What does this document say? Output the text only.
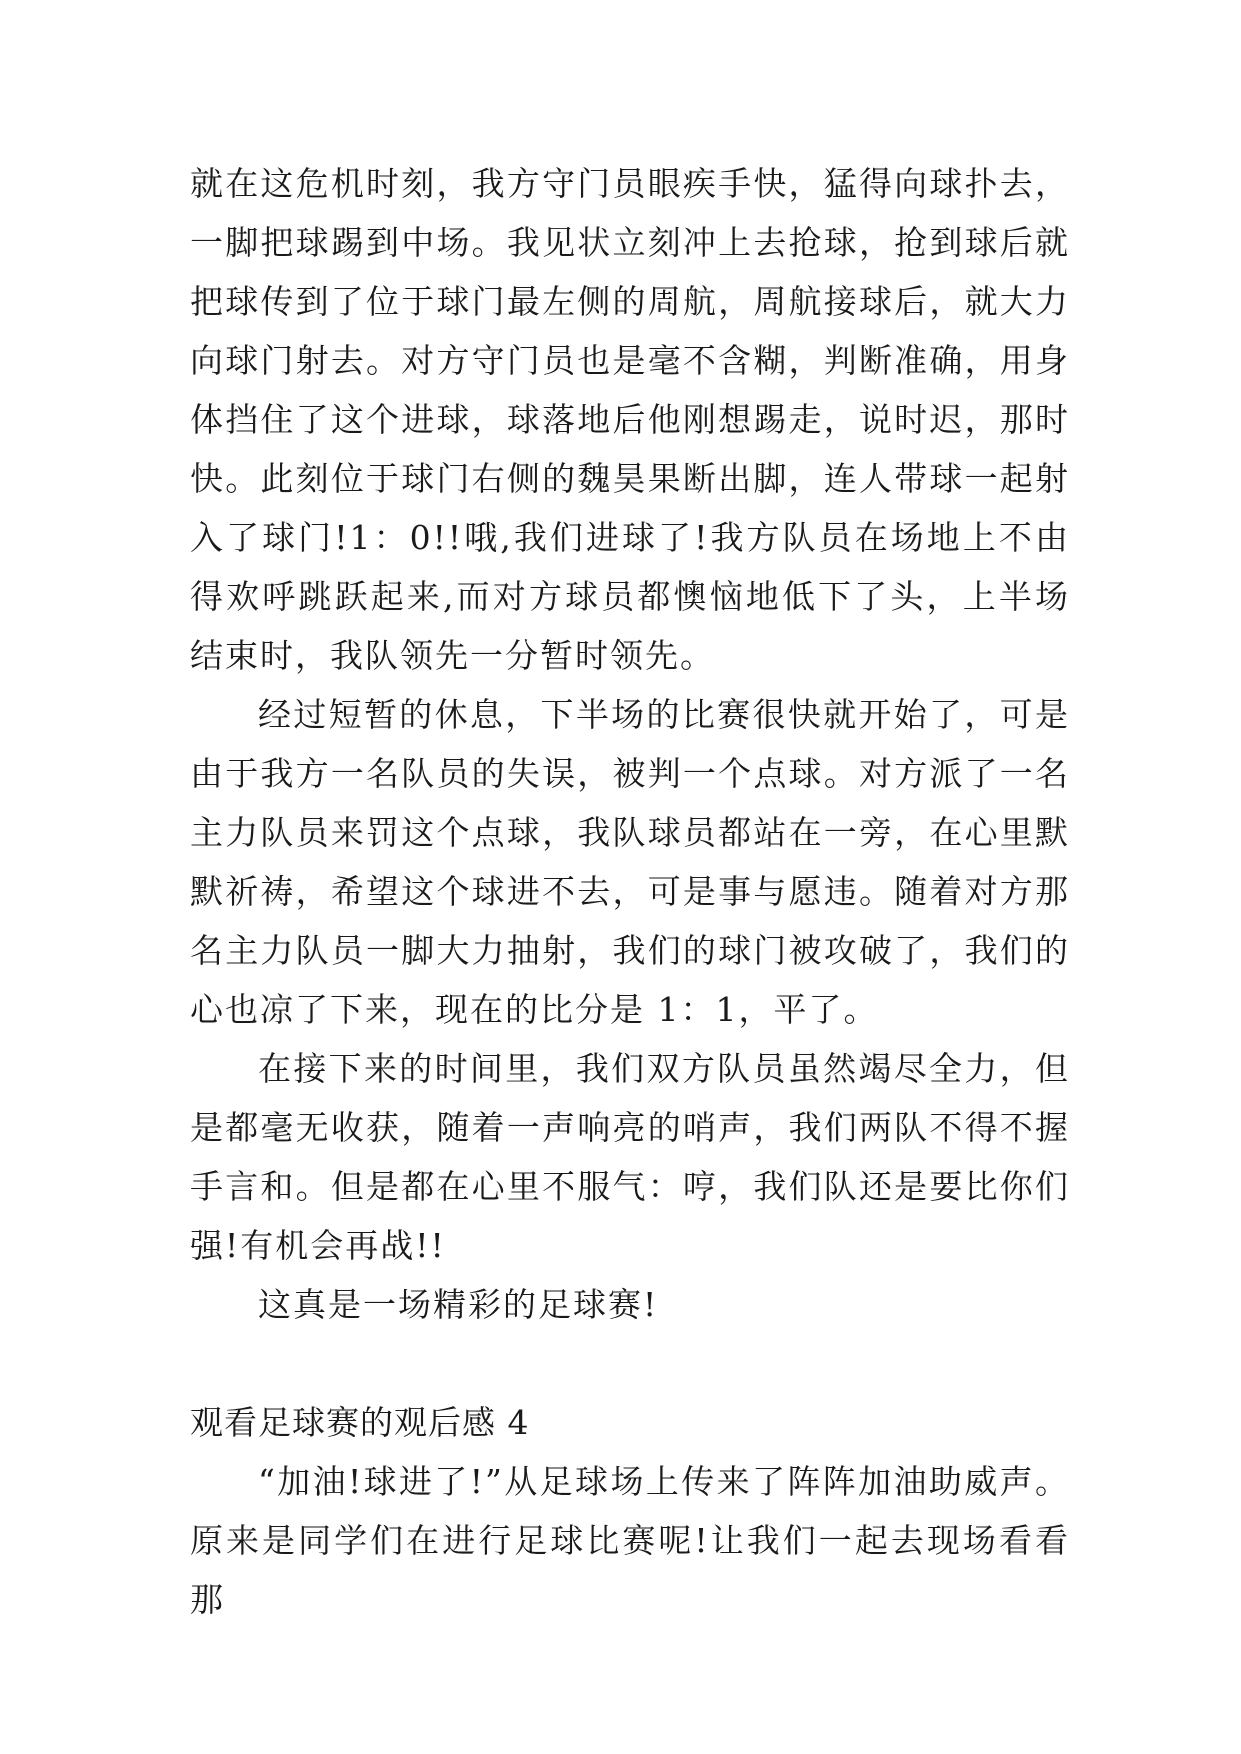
就在这危机时刻，我方守门员眼疾手快，猛得向球扑去，一脚把球踢到中场。我见状立刻冲上去抢球，抢到球后就把球传到了位于球门最左侧的周航，周航接球后，就大力向球门射去。对方守门员也是毫不含糊，判断准确，用身体挡住了这个进球，球落地后他刚想踢走，说时迟，那时快。此刻位于球门右侧的魏昊果断出脚，连人带球一起射入了球门!1：0!!哦,我们进球了!我方队员在场地上不由得欢呼跳跃起来,而对方球员都懊恼地低下了头，上半场结束时，我队领先一分暂时领先。

经过短暂的休息，下半场的比赛很快就开始了，可是由于我方一名队员的失误，被判一个点球。对方派了一名主力队员来罚这个点球，我队球员都站在一旁，在心里默默祈祷，希望这个球进不去，可是事与愿违。随着对方那名主力队员一脚大力抽射，我们的球门被攻破了，我们的心也凉了下来，现在的比分是 1：1，平了。

在接下来的时间里，我们双方队员虽然竭尽全力，但是都毫无收获，随着一声响亮的哨声，我们两队不得不握手言和。但是都在心里不服气：哼，我们队还是要比你们强!有机会再战!!

这真是一场精彩的足球赛!

观看足球赛的观后感 4

“加油!球进了!”从足球场上传来了阵阵加油助威声。原来是同学们在进行足球比赛呢!让我们一起去现场看看那
